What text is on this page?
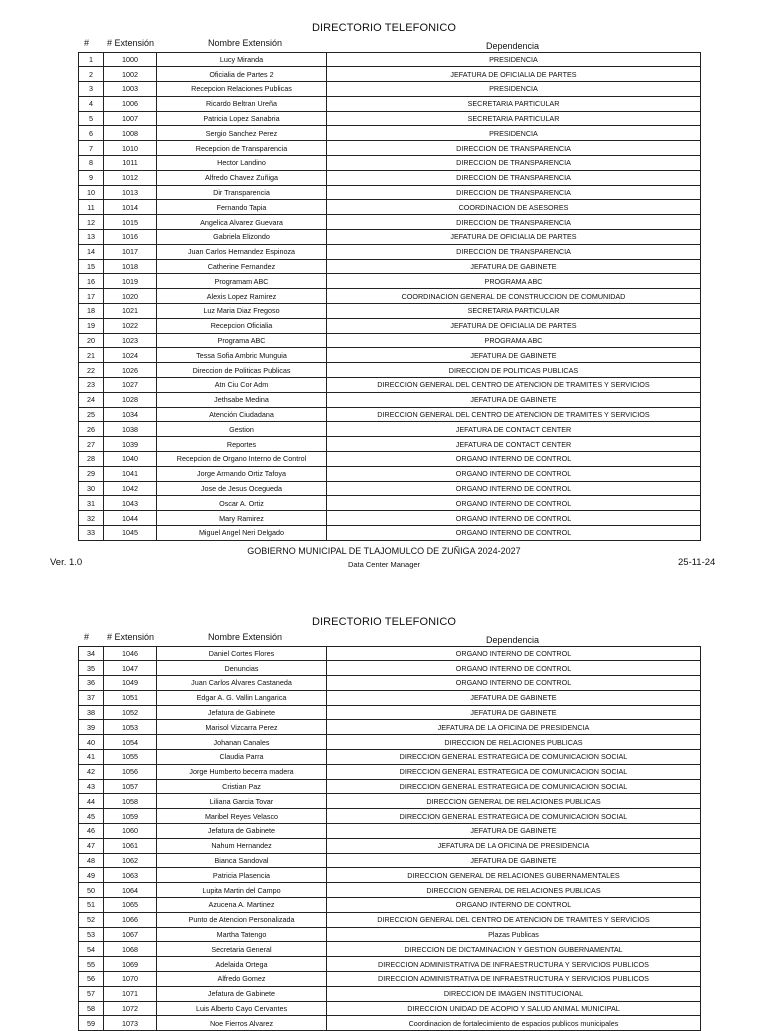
DIRECTORIO TELEFONICO
# # Extensión	Nombre Extensión	Dependencia
1	1000	Lucy Miranda	PRESIDENCIA
2	1002	Oficialia de Partes 2	JEFATURA DE OFICIALIA DE PARTES
3	1003	Recepcion Relaciones Publicas	PRESIDENCIA
4	1006	Ricardo Beltran Ureña	SECRETARIA PARTICULAR
5	1007	Patricia Lopez Sanabria	SECRETARIA PARTICULAR
6	1008	Sergio Sanchez Perez	PRESIDENCIA
7	1010	Recepcion de Transparencia	DIRECCION DE TRANSPARENCIA
8	1011	Hector Landino	DIRECCION DE TRANSPARENCIA
9	1012	Alfredo Chavez Zuñiga	DIRECCION DE TRANSPARENCIA
10	1013	Dir Transparencia	DIRECCION DE TRANSPARENCIA
11	1014	Fernando Tapia	COORDINACION DE ASESORES
12	1015	Angelica Alvarez Guevara	DIRECCION DE TRANSPARENCIA
13	1016	Gabriela Elizondo	JEFATURA DE OFICIALIA DE PARTES
14	1017	Juan Carlos Hernandez Espinoza	DIRECCION DE TRANSPARENCIA
15	1018	Catherine Fernandez	JEFATURA DE GABINETE
16	1019	Programam ABC	PROGRAMA ABC
17	1020	Alexis Lopez Ramirez	COORDINACION GENERAL DE CONSTRUCCION DE COMUNIDAD
18	1021	Luz Maria Diaz Fregoso	SECRETARIA PARTICULAR
19	1022	Recepcion Oficialia	JEFATURA DE OFICIALIA DE PARTES
20	1023	Programa ABC	PROGRAMA ABC
21	1024	Tessa Sofia Ambric Munguia	JEFATURA DE GABINETE
22	1026	Direccion de Politicas Publicas	DIRECCION DE POLITICAS PUBLICAS
23	1027	Atn Ciu Cor Adm	DIRECCION GENERAL DEL CENTRO DE ATENCION DE TRAMITES Y SERVICIOS
24	1028	Jethsabe Medina	JEFATURA DE GABINETE
25	1034	Atención Ciudadana	DIRECCION GENERAL DEL CENTRO DE ATENCION DE TRAMITES Y SERVICIOS
26	1038	Gestion	JEFATURA DE CONTACT CENTER
27	1039	Reportes	JEFATURA DE CONTACT CENTER
28	1040	Recepcion de Organo Interno de Control	ORGANO INTERNO DE CONTROL
29	1041	Jorge Armando Ortiz Tafoya	ORGANO INTERNO DE CONTROL
30	1042	Jose de Jesus Ocegueda	ORGANO INTERNO DE CONTROL
31	1043	Oscar A. Ortiz	ORGANO INTERNO DE CONTROL
32	1044	Mary Ramirez	ORGANO INTERNO DE CONTROL
33	1045	Miguel Angel Neri Delgado	ORGANO INTERNO DE CONTROL
GOBIERNO MUNICIPAL DE TLAJOMULCO DE ZUÑIGA 2024-2027
Data Center Manager
Ver. 1.0	25-11-24
DIRECTORIO TELEFONICO
# # Extensión	Nombre Extensión	Dependencia
34	1046	Daniel Cortes Flores	ORGANO INTERNO DE CONTROL
35	1047	Denuncias	ORGANO INTERNO DE CONTROL
36	1049	Juan Carlos Alvares Castaneda	ORGANO INTERNO DE CONTROL
37	1051	Edgar A. G. Vallin Langarica	JEFATURA DE GABINETE
38	1052	Jefatura de Gabinete	JEFATURA DE GABINETE
39	1053	Marisol Vizcarra Perez	JEFATURA DE LA OFICINA DE PRESIDENCIA
40	1054	Johanan Canales	DIRECCION DE RELACIONES PUBLICAS
41	1055	Claudia Parra	DIRECCION GENERAL ESTRATEGICA DE COMUNICACION SOCIAL
42	1056	Jorge Humberto becerra madera	DIRECCION GENERAL ESTRATEGICA DE COMUNICACION SOCIAL
43	1057	Cristian Paz	DIRECCION GENERAL ESTRATEGICA DE COMUNICACION SOCIAL
44	1058	Liliana Garcia Tovar	DIRECCION GENERAL DE RELACIONES PUBLICAS
45	1059	Maribel Reyes Velasco	DIRECCION GENERAL ESTRATEGICA DE COMUNICACION SOCIAL
46	1060	Jefatura de Gabinete	JEFATURA DE GABINETE
47	1061	Nahum Hernandez	JEFATURA DE LA OFICINA DE PRESIDENCIA
48	1062	Bianca Sandoval	JEFATURA DE GABINETE
49	1063	Patricia Plasencia	DIRECCION GENERAL DE RELACIONES GUBERNAMENTALES
50	1064	Lupita Martin del Campo	DIRECCION GENERAL DE RELACIONES PUBLICAS
51	1065	Azucena A. Martinez	ORGANO INTERNO DE CONTROL
52	1066	Punto de Atencion Personalizada	DIRECCION GENERAL DEL CENTRO DE ATENCION DE TRAMITES Y SERVICIOS
53	1067	Martha Tatengo	Plazas Publicas
54	1068	Secretaria General	DIRECCION DE DICTAMINACION Y GESTION GUBERNAMENTAL
55	1069	Adelaida Ortega	DIRECCION ADMINISTRATIVA DE INFRAESTRUCTURA Y SERVICIOS PUBLICOS
56	1070	Alfredo Gomez	DIRECCION ADMINISTRATIVA DE INFRAESTRUCTURA Y SERVICIOS PUBLICOS
57	1071	Jefatura de Gabinete	DIRECCION DE IMAGEN INSTITUCIONAL
58	1072	Luis Alberto Cayo Cervantes	DIRECCION UNIDAD DE ACOPIO Y SALUD ANIMAL MUNICIPAL
59	1073	Noe Fierros Alvarez	Coordinacion de fortalecimiento de espacios publicos municipales
